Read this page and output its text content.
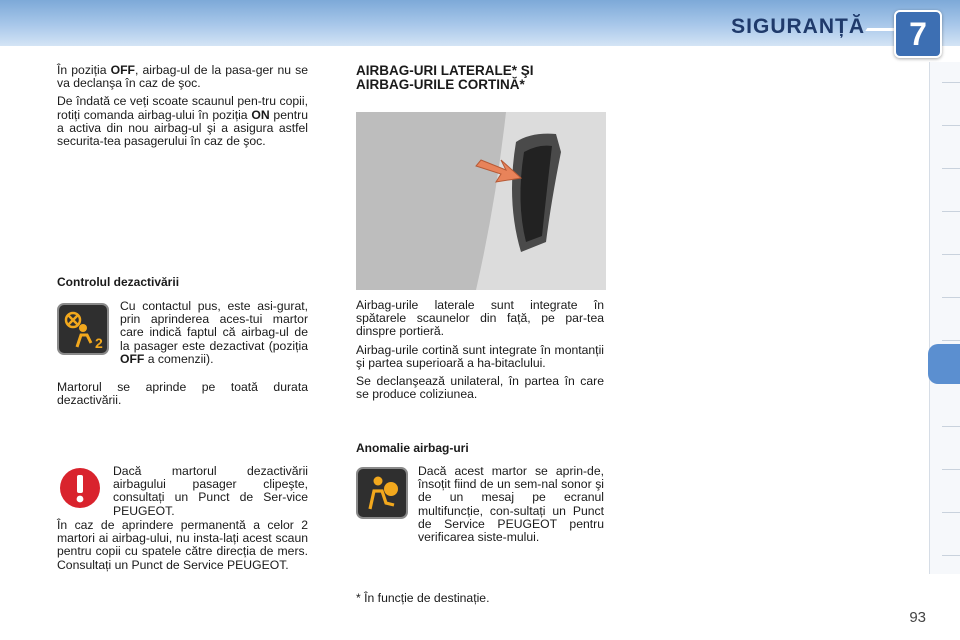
SIGURANȚĂ	7

În poziția OFF, airbag-ul de la pasa-ger nu se va declanşa în caz de şoc.

De îndată ce veți scoate scaunul pen-tru copii, rotiți comanda airbag-ului în poziția ON pentru a activa din nou airbag-ul şi a asigura astfel securita-tea pasagerului în caz de şoc.

Controlul dezactivării
2

Cu contactul pus, este asi-gurat, prin aprinderea aces-tui martor care indică faptul că airbag-ul de la pasager este dezactivat (poziția OFF a comenzii).

Martorul se aprinde pe toată durata dezactivării.
Dacă martorul dezactivării airbagului pasager clipeşte, consultați un Punct de Ser-vice PEUGEOT.
În caz de aprindere permanentă a celor 2 martori ai airbag-ului, nu insta-lați acest scaun pentru copii cu spatele către direcția de mers. Consultați un Punct de Service PEUGEOT.
AIRBAG-URI LATERALE* ŞI
AIRBAG-URILE CORTINĂ*

Airbag-urile laterale sunt integrate în spătarele scaunelor din față, pe par-tea dinspre portieră.

Airbag-urile cortină sunt integrate în montanții şi partea superioară a ha-bitaclului.

Se declanşează unilateral, în partea în care se produce coliziunea.

Anomalie airbag-uri
Dacă acest martor se aprin-de, însoțit fiind de un sem-nal sonor şi de un mesaj pe ecranul multifuncție, con-sultați un Punct de Service PEUGEOT pentru verificarea siste-mului.
* În funcție de destinație.
93
